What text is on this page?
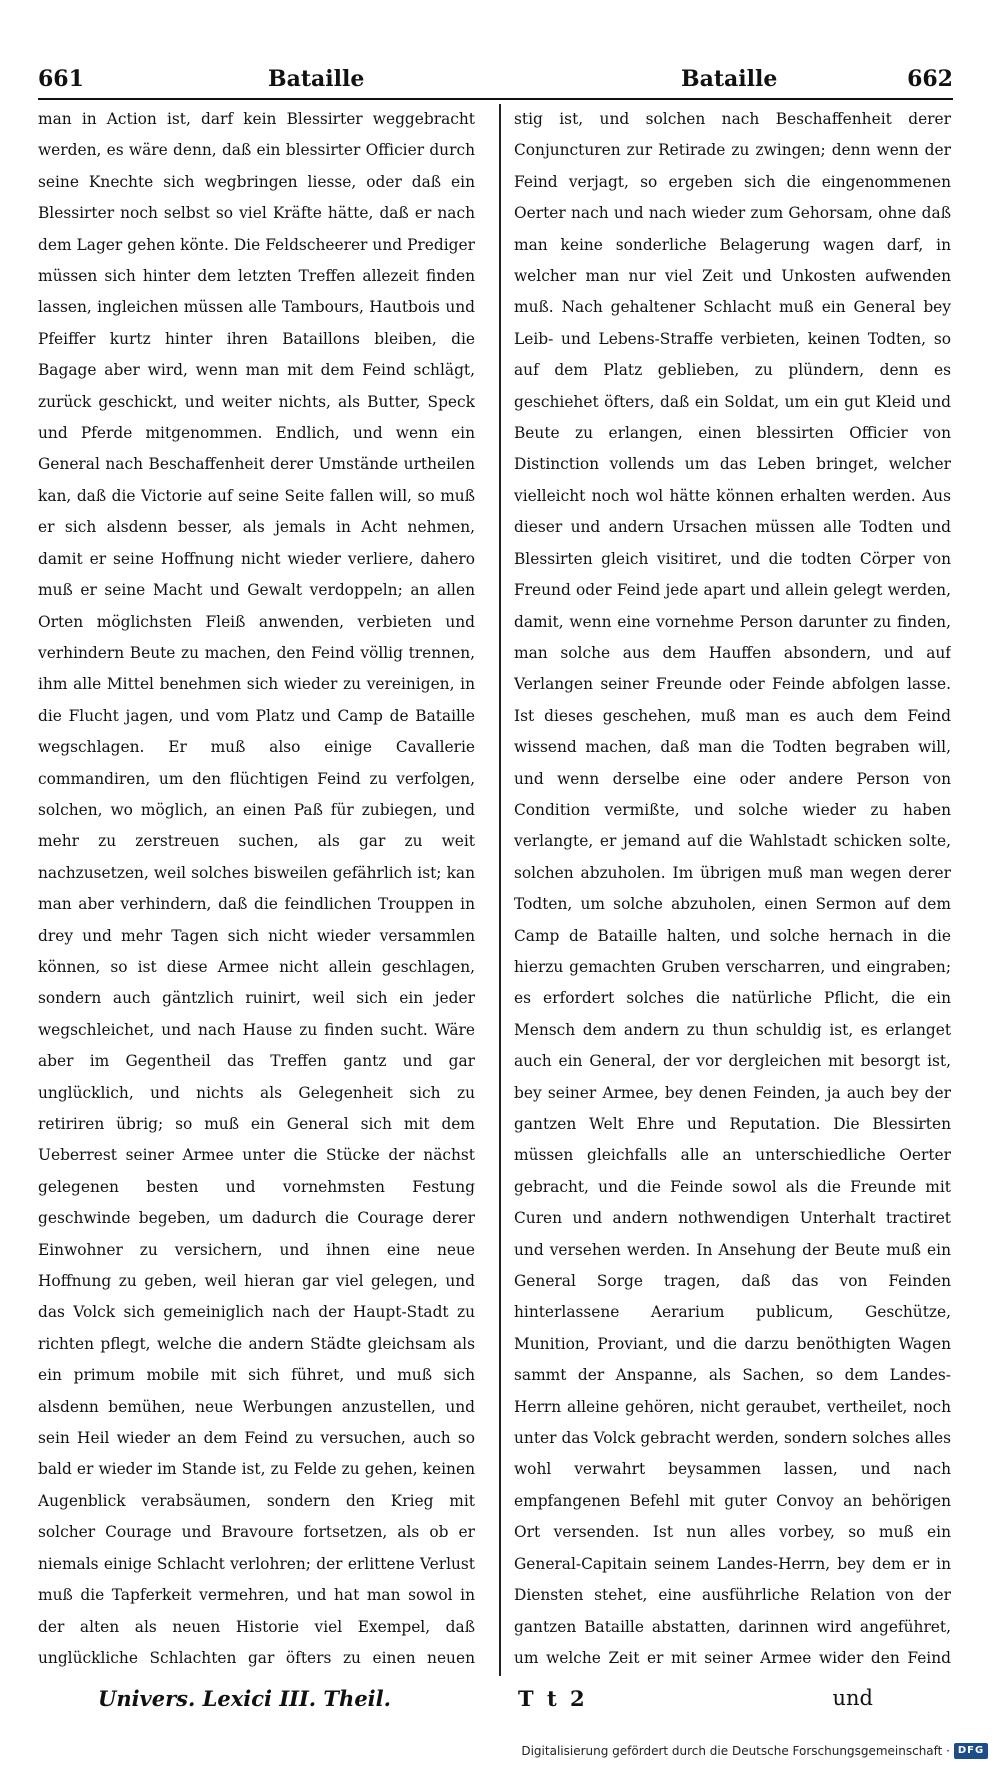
661	Bataille	Bataille	662

man in Action ist, darf kein Blessirter weggebracht werden, es wäre denn, daß ein blessirter Officier durch seine Knechte sich wegbringen liesse, oder daß ein Blessirter noch selbst so viel Kräfte hätte, daß er nach dem Lager gehen könte. Die Feldscheerer und Prediger müssen sich hinter dem letzten Treffen allezeit finden lassen, ingleichen müssen alle Tambours, Hautbois und Pfeiffer kurtz hinter ihren Bataillons bleiben, die Bagage aber wird, wenn man mit dem Feind schlägt, zurück geschickt, und weiter nichts, als Butter, Speck und Pferde mitgenommen. Endlich, und wenn ein General nach Beschaffenheit derer Umstände urtheilen kan, daß die Victorie auf seine Seite fallen will, so muß er sich alsdenn besser, als jemals in Acht nehmen, damit er seine Hoffnung nicht wieder verliere, dahero muß er seine Macht und Gewalt verdoppeln; an allen Orten möglichsten Fleiß anwenden, verbieten und verhindern Beute zu machen, den Feind völlig trennen, ihm alle Mittel benehmen sich wieder zu vereinigen, in die Flucht jagen, und vom Platz und Camp de Bataille wegschlagen. Er muß also einige Cavallerie commandiren, um den flüchtigen Feind zu verfolgen, solchen, wo möglich, an einen Paß für zubiegen, und mehr zu zerstreuen suchen, als gar zu weit nachzusetzen, weil solches bisweilen gefährlich ist; kan man aber verhindern, daß die feindlichen Trouppen in drey und mehr Tagen sich nicht wieder versammlen können, so ist diese Armee nicht allein geschlagen, sondern auch gäntzlich ruinirt, weil sich ein jeder wegschleichet, und nach Hause zu finden sucht. Wäre aber im Gegentheil das Treffen gantz und gar unglücklich, und nichts als Gelegenheit sich zu retiriren übrig; so muß ein General sich mit dem Ueberrest seiner Armee unter die Stücke der nächst gelegenen besten und vornehmsten Festung geschwinde begeben, um dadurch die Courage derer Einwohner zu versichern, und ihnen eine neue Hoffnung zu geben, weil hieran gar viel gelegen, und das Volck sich gemeiniglich nach der Haupt-Stadt zu richten pflegt, welche die andern Städte gleichsam als ein primum mobile mit sich führet, und muß sich alsdenn bemühen, neue Werbungen anzustellen, und sein Heil wieder an dem Feind zu versuchen, auch so bald er wieder im Stande ist, zu Felde zu gehen, keinen Augenblick verabsäumen, sondern den Krieg mit solcher Courage und Bravoure fortsetzen, als ob er niemals einige Schlacht verlohren; der erlittene Verlust muß die Tapferkeit vermehren, und hat man sowol in der alten als neuen Historie viel Exempel, daß unglückliche Schlachten gar öfters zu einen neuen

stig ist, und solchen nach Beschaffenheit derer Conjuncturen zur Retirade zu zwingen; denn wenn der Feind verjagt, so ergeben sich die eingenommenen Oerter nach und nach wieder zum Gehorsam, ohne daß man keine sonderliche Belagerung wagen darf, in welcher man nur viel Zeit und Unkosten aufwenden muß. Nach gehaltener Schlacht muß ein General bey Leib- und Lebens-Straffe verbieten, keinen Todten, so auf dem Platz geblieben, zu plündern, denn es geschiehet öfters, daß ein Soldat, um ein gut Kleid und Beute zu erlangen, einen blessirten Officier von Distinction vollends um das Leben bringet, welcher vielleicht noch wol hätte können erhalten werden. Aus dieser und andern Ursachen müssen alle Todten und Blessirten gleich visitiret, und die todten Cörper von Freund oder Feind jede apart und allein gelegt werden, damit, wenn eine vornehme Person darunter zu finden, man solche aus dem Hauffen absondern, und auf Verlangen seiner Freunde oder Feinde abfolgen lasse. Ist dieses geschehen, muß man es auch dem Feind wissend machen, daß man die Todten begraben will, und wenn derselbe eine oder andere Person von Condition vermißte, und solche wieder zu haben verlangte, er jemand auf die Wahlstadt schicken solte, solchen abzuholen. Im übrigen muß man wegen derer Todten, um solche abzuholen, einen Sermon auf dem Camp de Bataille halten, und solche hernach in die hierzu gemachten Gruben verscharren, und eingraben; es erfordert solches die natürliche Pflicht, die ein Mensch dem andern zu thun schuldig ist, es erlanget auch ein General, der vor dergleichen mit besorgt ist, bey seiner Armee, bey denen Feinden, ja auch bey der gantzen Welt Ehre und Reputation. Die Blessirten müssen gleichfalls alle an unterschiedliche Oerter gebracht, und die Feinde sowol als die Freunde mit Curen und andern nothwendigen Unterhalt tractiret und versehen werden. In Ansehung der Beute muß ein General Sorge tragen, daß das von Feinden hinterlassene Aerarium publicum, Geschütze, Munition, Proviant, und die darzu benöthigten Wagen sammt der Anspanne, als Sachen, so dem Landes-Herrn alleine gehören, nicht geraubet, vertheilet, noch unter das Volck gebracht werden, sondern solches alles wohl verwahrt beysammen lassen, und nach empfangenen Befehl mit guter Convoy an behörigen Ort versenden. Ist nun alles vorbey, so muß ein General-Capitain seinem Landes-Herrn, bey dem er in Diensten stehet, eine ausführliche Relation von der gantzen Bataille abstatten, darinnen wird angeführet, um welche Zeit er mit seiner Armee wider den Feind

Univers. Lexici III. Theil.	T t 2	und
Digitalisierung gefördert durch die Deutsche Forschungsgemeinschaft · DFG
